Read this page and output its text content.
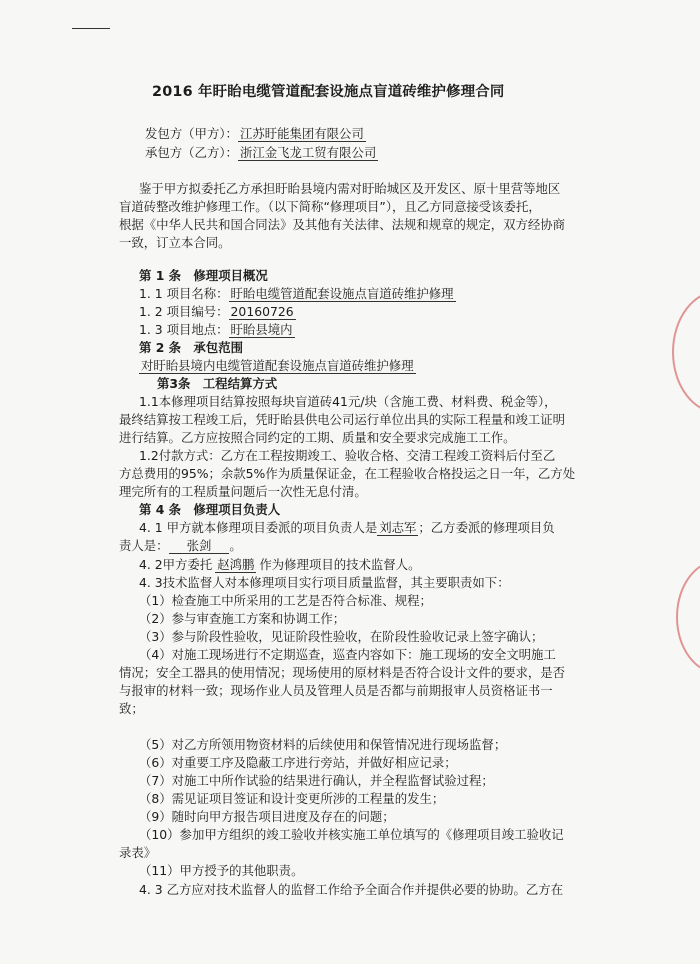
2016 年盱眙电缆管道配套设施点盲道砖维护修理合同
发包方（甲方）： 江苏盱能集团有限公司
承包方（乙方）： 浙江金飞龙工贸有限公司
鉴于甲方拟委托乙方承担盱眙县境内需对盱眙城区及开发区、原十里营等地区
盲道砖整改维护修理工作。（以下简称“修理项目”），且乙方同意接受该委托，
根据《中华人民共和国合同法》及其他有关法律、法规和规章的规定，双方经协商
一致，订立本合同。
第 1 条　修理项目概况
1. 1 项目名称： 盱眙电缆管道配套设施点盲道砖维护修理
1. 2 项目编号： 20160726
1. 3 项目地点： 盱眙县境内
第 2 条　承包范围
对盱眙县境内电缆管道配套设施点盲道砖维护修理
第3条　工程结算方式
1.1本修理项目结算按照每块盲道砖41元/块（含施工费、材料费、税金等），
最终结算按工程竣工后，凭盱眙县供电公司运行单位出具的实际工程量和竣工证明
进行结算。乙方应按照合同约定的工期、质量和安全要求完成施工工作。
1.2付款方式：乙方在工程按期竣工、验收合格、交清工程竣工资料后付至乙
方总费用的95%；余款5%作为质量保证金，在工程验收合格投运之日一年，乙方处
理完所有的工程质量问题后一次性无息付清。
第 4 条　修理项目负责人
4. 1 甲方就本修理项目委派的项目负责人是 刘志军 ；乙方委派的修理项目负
责人是： 张剑 。
4. 2甲方委托 赵鸿鹏 作为修理项目的技术监督人。
4. 3技术监督人对本修理项目实行项目质量监督，其主要职责如下：
（1）检查施工中所采用的工艺是否符合标准、规程；
（2）参与审查施工方案和协调工作；
（3）参与阶段性验收，见证阶段性验收，在阶段性验收记录上签字确认；
（4）对施工现场进行不定期巡查，巡查内容如下：施工现场的安全文明施工
情况；安全工器具的使用情况；现场使用的原材料是否符合设计文件的要求，是否
与报审的材料一致；现场作业人员及管理人员是否都与前期报审人员资格证书一
致；
（5）对乙方所领用物资材料的后续使用和保管情况进行现场监督；
（6）对重要工序及隐蔽工序进行旁站，并做好相应记录；
（7）对施工中所作试验的结果进行确认，并全程监督试验过程；
（8）需见证项目签证和设计变更所涉的工程量的发生；
（9）随时向甲方报告项目进度及存在的问题；
（10）参加甲方组织的竣工验收并核实施工单位填写的《修理项目竣工验收记
录表》
（11）甲方授予的其他职责。
4. 3 乙方应对技术监督人的监督工作给予全面合作并提供必要的协助。乙方在
